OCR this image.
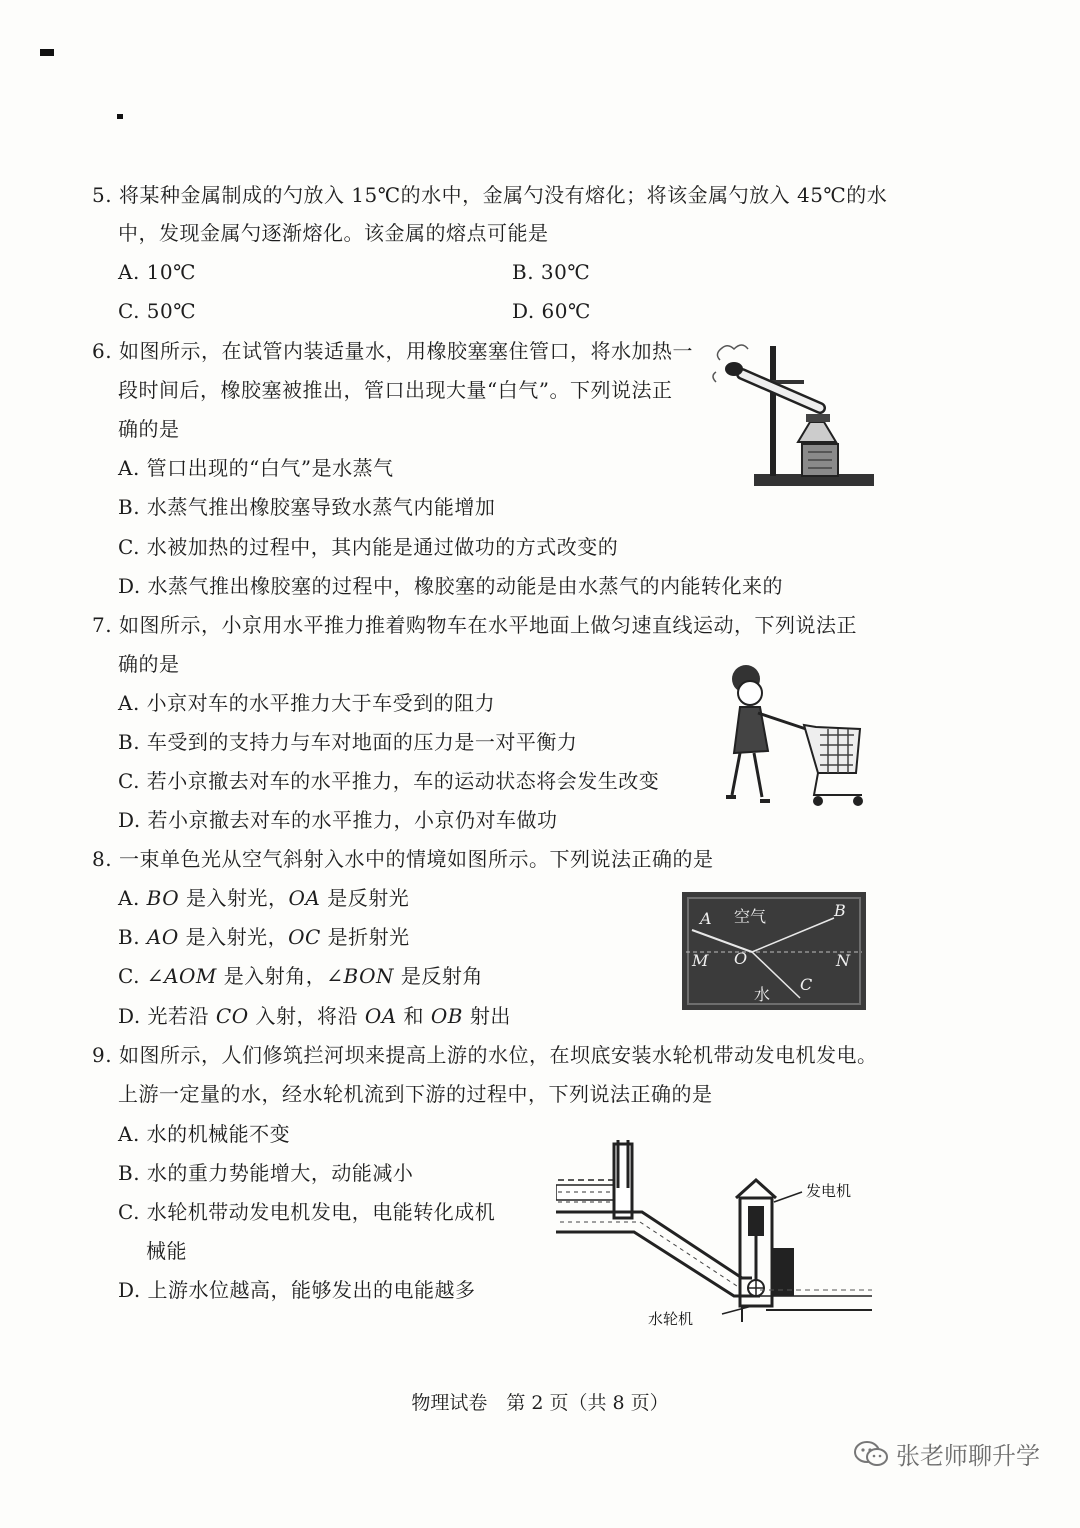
5. 将某种金属制成的勺放入 15℃的水中，金属勺没有熔化；将该金属勺放入 45℃的水
中，发现金属勺逐渐熔化。该金属的熔点可能是
A. 10℃	B. 30℃
C. 50℃	D. 60℃
6. 如图所示，在试管内装适量水，用橡胶塞塞住管口，将水加热一
段时间后，橡胶塞被推出，管口出现大量“白气”。下列说法正
确的是
A. 管口出现的“白气”是水蒸气
B. 水蒸气推出橡胶塞导致水蒸气内能增加
C. 水被加热的过程中，其内能是通过做功的方式改变的
D. 水蒸气推出橡胶塞的过程中，橡胶塞的动能是由水蒸气的内能转化来的
7. 如图所示，小京用水平推力推着购物车在水平地面上做匀速直线运动，下列说法正
确的是
A. 小京对车的水平推力大于车受到的阻力
B. 车受到的支持力与车对地面的压力是一对平衡力
C. 若小京撤去对车的水平推力，车的运动状态将会发生改变
D. 若小京撤去对车的水平推力，小京仍对车做功
8. 一束单色光从空气斜射入水中的情境如图所示。下列说法正确的是
A. BO 是入射光，OA 是反射光
B. AO 是入射光，OC 是折射光
C. ∠AOM 是入射角，∠BON 是反射角
D. 光若沿 CO 入射，将沿 OA 和 OB 射出
A	B
空气
M O	N
水
C
9. 如图所示，人们修筑拦河坝来提高上游的水位，在坝底安装水轮机带动发电机发电。
上游一定量的水，经水轮机流到下游的过程中，下列说法正确的是
A. 水的机械能不变
B. 水的重力势能增大，动能减小
C. 水轮机带动发电机发电，电能转化成机
械能
D. 上游水位越高，能够发出的电能越多
发电机
水轮机
物理试卷　第 2 页（共 8 页）
张老师聊升学
